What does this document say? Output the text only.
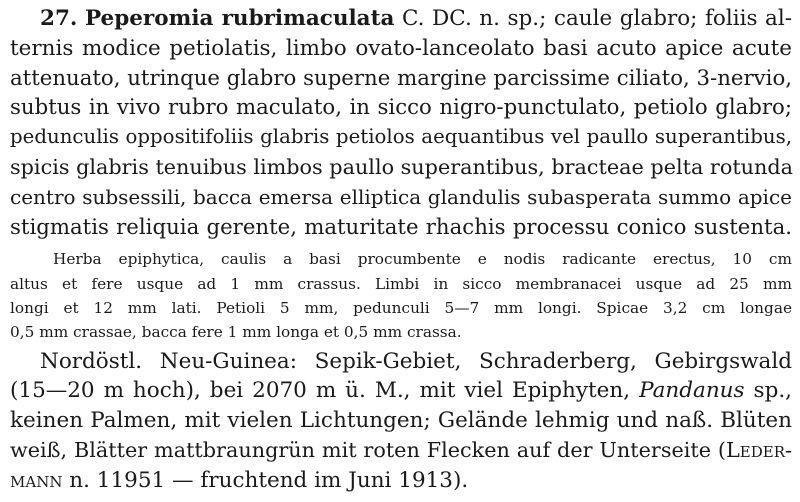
27. Peperomia rubrimaculata C. DC. n. sp.; caule glabro; foliis al-
ternis modice petiolatis, limbo ovato-lanceolato basi acuto apice acute
attenuato, utrinque glabro superne margine parcissime ciliato, 3-nervio,
subtus in vivo rubro maculato, in sicco nigro-punctulato, petiolo glabro;
pedunculis oppositifoliis glabris petiolos aequantibus vel paullo superantibus,
spicis glabris tenuibus limbos paullo superantibus, bracteae pelta rotunda
centro subsessili, bacca emersa elliptica glandulis subasperata summo apice
stigmatis reliquia gerente, maturitate rhachis processu conico sustenta.
Herba epiphytica, caulis a basi procumbente e nodis radicante erectus, 10 cm
altus et fere usque ad 1 mm crassus. Limbi in sicco membranacei usque ad 25 mm
longi et 12 mm lati. Petioli 5 mm, pedunculi 5—7 mm longi. Spicae 3,2 cm longae
0,5 mm crassae, bacca fere 1 mm longa et 0,5 mm crassa.
Nordöstl. Neu-Guinea: Sepik-Gebiet, Schraderberg, Gebirgswald
(15—20 m hoch), bei 2070 m ü. M., mit viel Epiphyten, Pandanus sp.,
keinen Palmen, mit vielen Lichtungen; Gelände lehmig und naß. Blüten
weiß, Blätter mattbraungrün mit roten Flecken auf der Unterseite (Leder-
mann n. 11951 — fruchtend im Juni 1913).
